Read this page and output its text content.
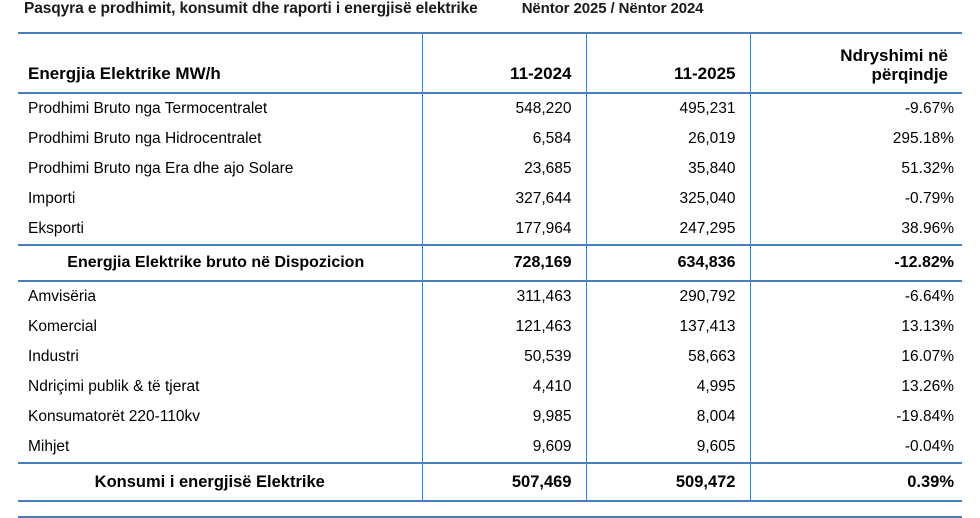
Pasqyra e prodhimit, konsumit dhe raporti i energjisë elektrike	Nëntor 2025 / Nëntor 2024
Energjia Elektrike MW/h	11-2024	11-2025	Ndryshimi në
përqindje

Prodhimi Bruto nga Termocentralet	548,220	495,231	-9.67%
Prodhimi Bruto nga Hidrocentralet	6,584	26,019	295.18%
Prodhimi Bruto nga Era dhe ajo Solare	23,685	35,840	51.32%
Importi	327,644	325,040	-0.79%
Eksporti	177,964	247,295	38.96%
Energjia Elektrike bruto në Dispozicion	728,169	634,836	-12.82%
Amvisëria	311,463	290,792	-6.64%
Komercial	121,463	137,413	13.13%
Industri	50,539	58,663	16.07%
Ndriçimi publik & të tjerat	4,410	4,995	13.26%
Konsumatorët 220-110kv	9,985	8,004	-19.84%
Mihjet	9,609	9,605	-0.04%
Konsumi i energjisë Elektrike	507,469	509,472	0.39%
